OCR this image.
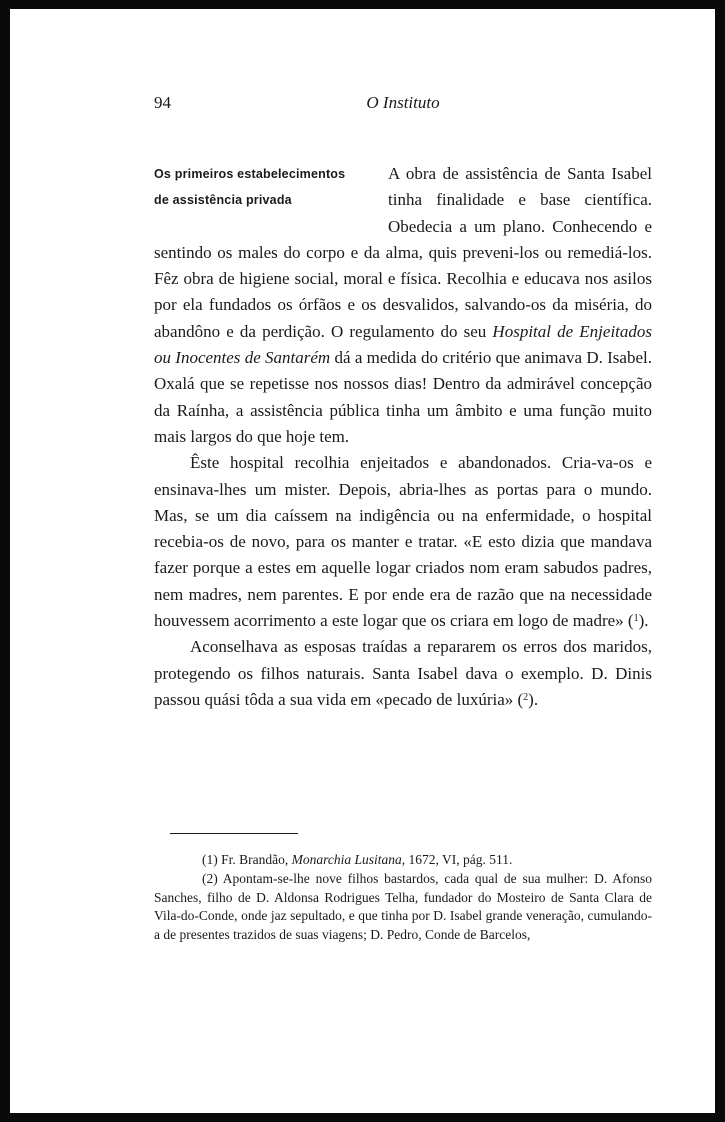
94	O Instituto
Os primeiros estabelecimentos
de assistência privada

A obra de assistência de Santa Isabel tinha finalidade e base científica. Obedecia a um plano. Conhecendo e sentindo os males do corpo e da alma, quis preveni-los ou remediá-los. Fêz obra de higiene social, moral e física. Recolhia e educava nos asilos por ela fundados os órfãos e os desvalidos, salvando-os da miséria, do abandôno e da perdição. O regulamento do seu Hospital de Enjeitados ou Inocentes de Santarém dá a medida do critério que animava D. Isabel. Oxalá que se repetisse nos nossos dias! Dentro da admirável concepção da Raínha, a assistência pública tinha um âmbito e uma função muito mais largos do que hoje tem.

Êste hospital recolhia enjeitados e abandonados. Cria-va-os e ensinava-lhes um mister. Depois, abria-lhes as portas para o mundo. Mas, se um dia caíssem na indigência ou na enfermidade, o hospital recebia-os de novo, para os manter e tratar. «E esto dizia que mandava fazer porque a estes em aquelle logar criados nom eram sabudos padres, nem madres, nem parentes. E por ende era de razão que na necessidade houvessem acorrimento a este logar que os criara em logo de madre» ($^1$).

Aconselhava as esposas traídas a repararem os erros dos maridos, protegendo os filhos naturais. Santa Isabel dava o exemplo. D. Dinis passou quási tôda a sua vida em «pecado de luxúria» ($^2$).

(1) Fr. Brandão, Monarchia Lusitana, 1672, VI, pág. 511.

(2) Apontam-se-lhe nove filhos bastardos, cada qual de sua mulher: D. Afonso Sanches, filho de D. Aldonsa Rodrigues Telha, fundador do Mosteiro de Santa Clara de Vila-do-Conde, onde jaz sepultado, e que tinha por D. Isabel grande veneração, cumulando-a de presentes trazidos de suas viagens; D. Pedro, Conde de Barcelos,
